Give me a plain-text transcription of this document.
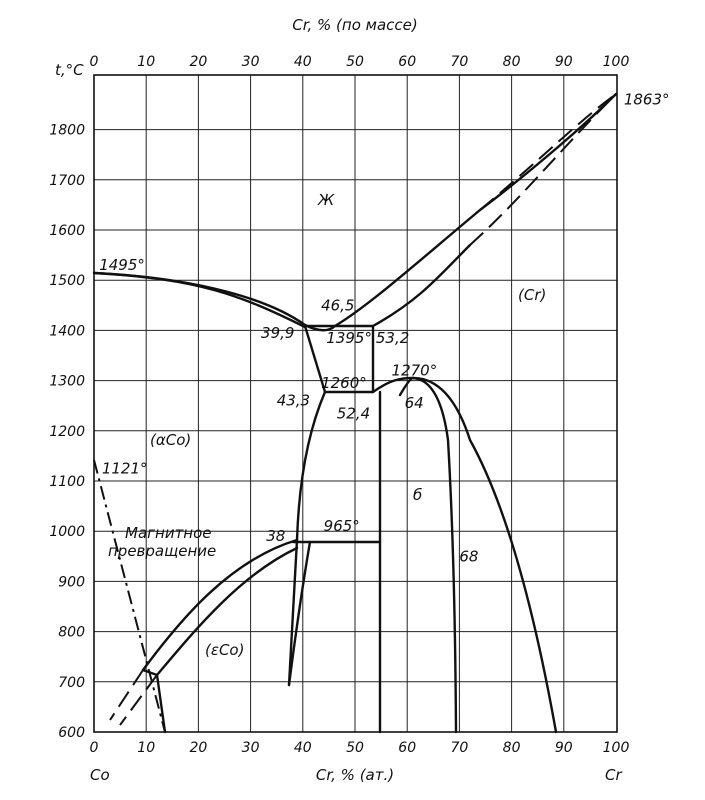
0	10 20 30 40 50 60 70 80 90 100
0	10 20 30 40 50 60 70 80 90 100
600
700
800
900
1000
1100
1200
1300
1400
1500
1600
1700
1800
1495°
1863°
1121°
46,5
39,9 1395° 53,2
1270°
1260°
43,3
52,4
64
38
965°
68
Cr, % (по массе)
Cr, % (ат.)
t,°C
Co	Cr
Ж
(Cr)
(αCo)
(εCo)
б
Магнитное превращение
